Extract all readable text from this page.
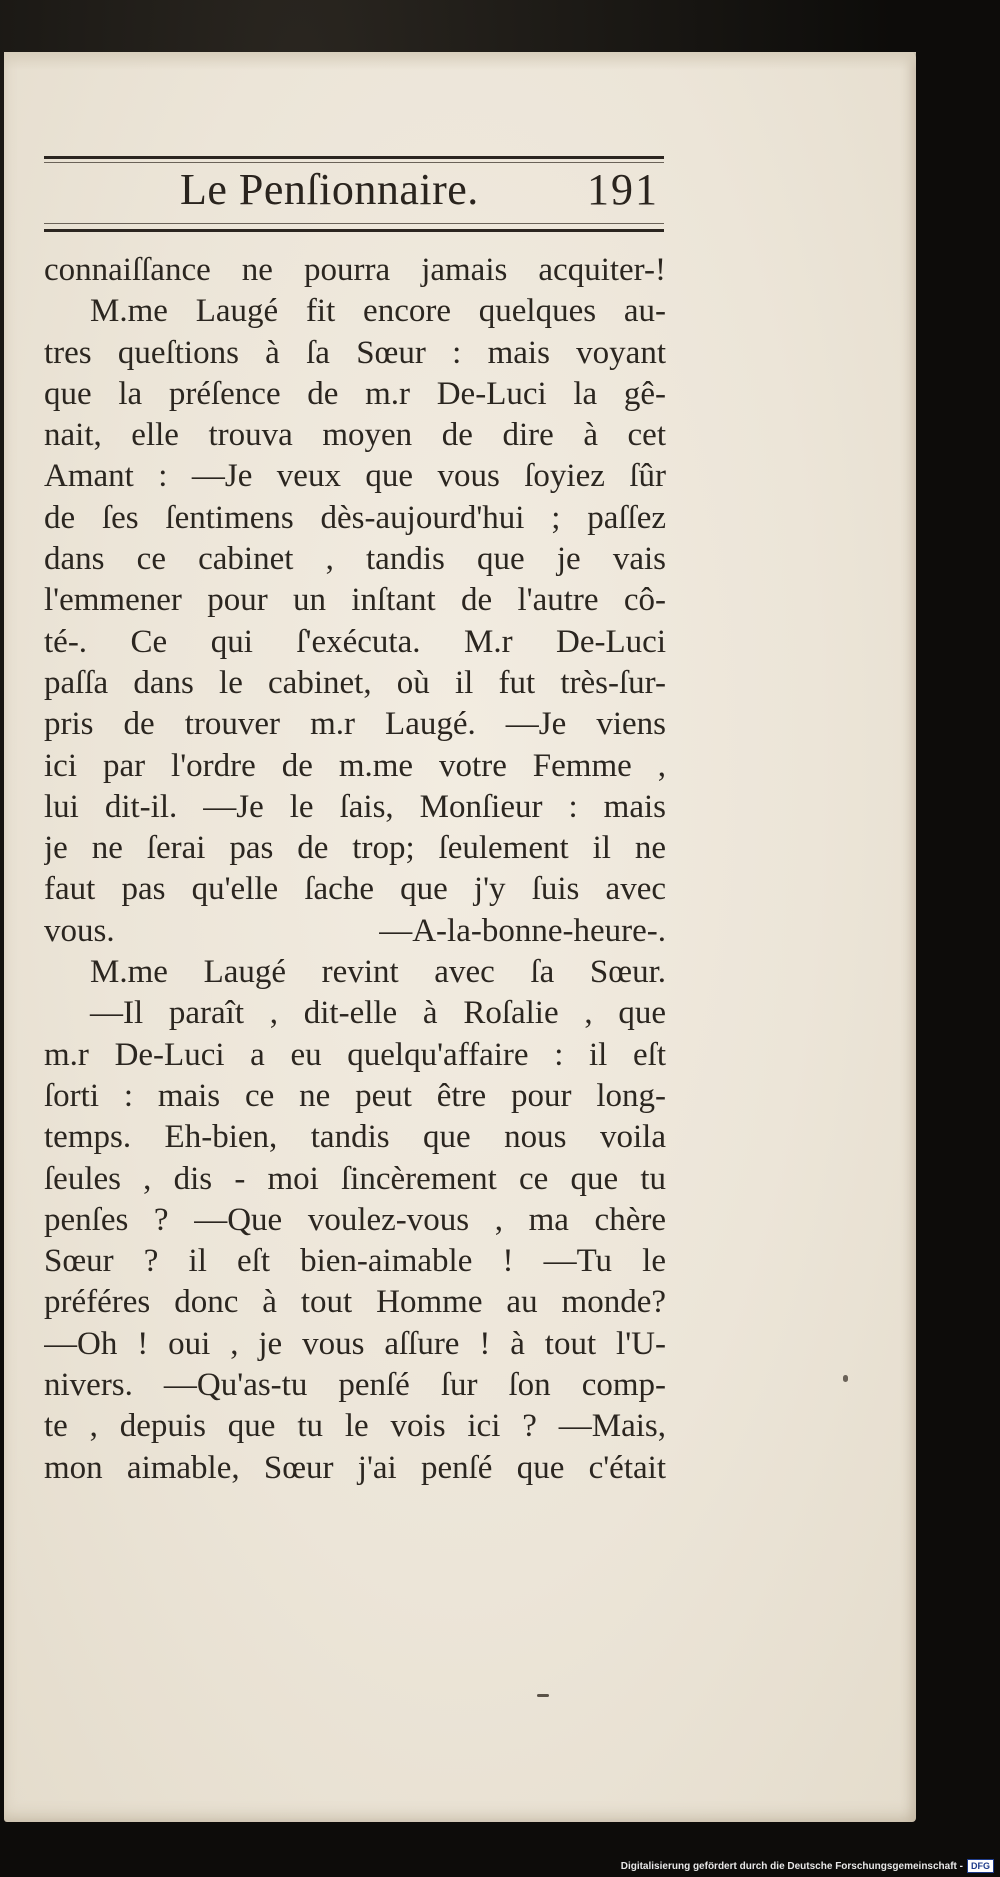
Le Penſionnaire. 191
connaiſſance ne pourra jamais acquiter-!
M.me Laugé fit encore quelques au-
tres queſtions à ſa Sœur : mais voyant
que la préſence de m.r De-Luci la gê-
nait, elle trouva moyen de dire à cet
Amant : —Je veux que vous ſoyiez ſûr
de ſes ſentimens dès-aujourd'hui ; paſſez
dans ce cabinet , tandis que je vais
l'emmener pour un inſtant de l'autre cô-
té-. Ce qui ſ'exécuta. M.r De-Luci
paſſa dans le cabinet, où il fut très-ſur-
pris de trouver m.r Laugé. —Je viens
ici par l'ordre de m.me votre Femme ,
lui dit-il. —Je le ſais, Monſieur : mais
je ne ſerai pas de trop; ſeulement il ne
faut pas qu'elle ſache que j'y ſuis avec
vous. —A-la-bonne-heure-.
M.me Laugé revint avec ſa Sœur.
—Il paraît , dit-elle à Roſalie , que
m.r De-Luci a eu quelqu'affaire : il eſt
ſorti : mais ce ne peut être pour long-
temps. Eh-bien, tandis que nous voila
ſeules , dis - moi ſincèrement ce que tu
penſes ? —Que voulez-vous , ma chère
Sœur ? il eſt bien-aimable ! —Tu le
préféres donc à tout Homme au monde?
—Oh ! oui , je vous aſſure ! à tout l'U-
nivers. —Qu'as-tu penſé ſur ſon comp-
te , depuis que tu le vois ici ? —Mais,
mon aimable, Sœur j'ai penſé que c'était
Digitalisierung gefördert durch die Deutsche Forschungsgemeinschaft - DFG
